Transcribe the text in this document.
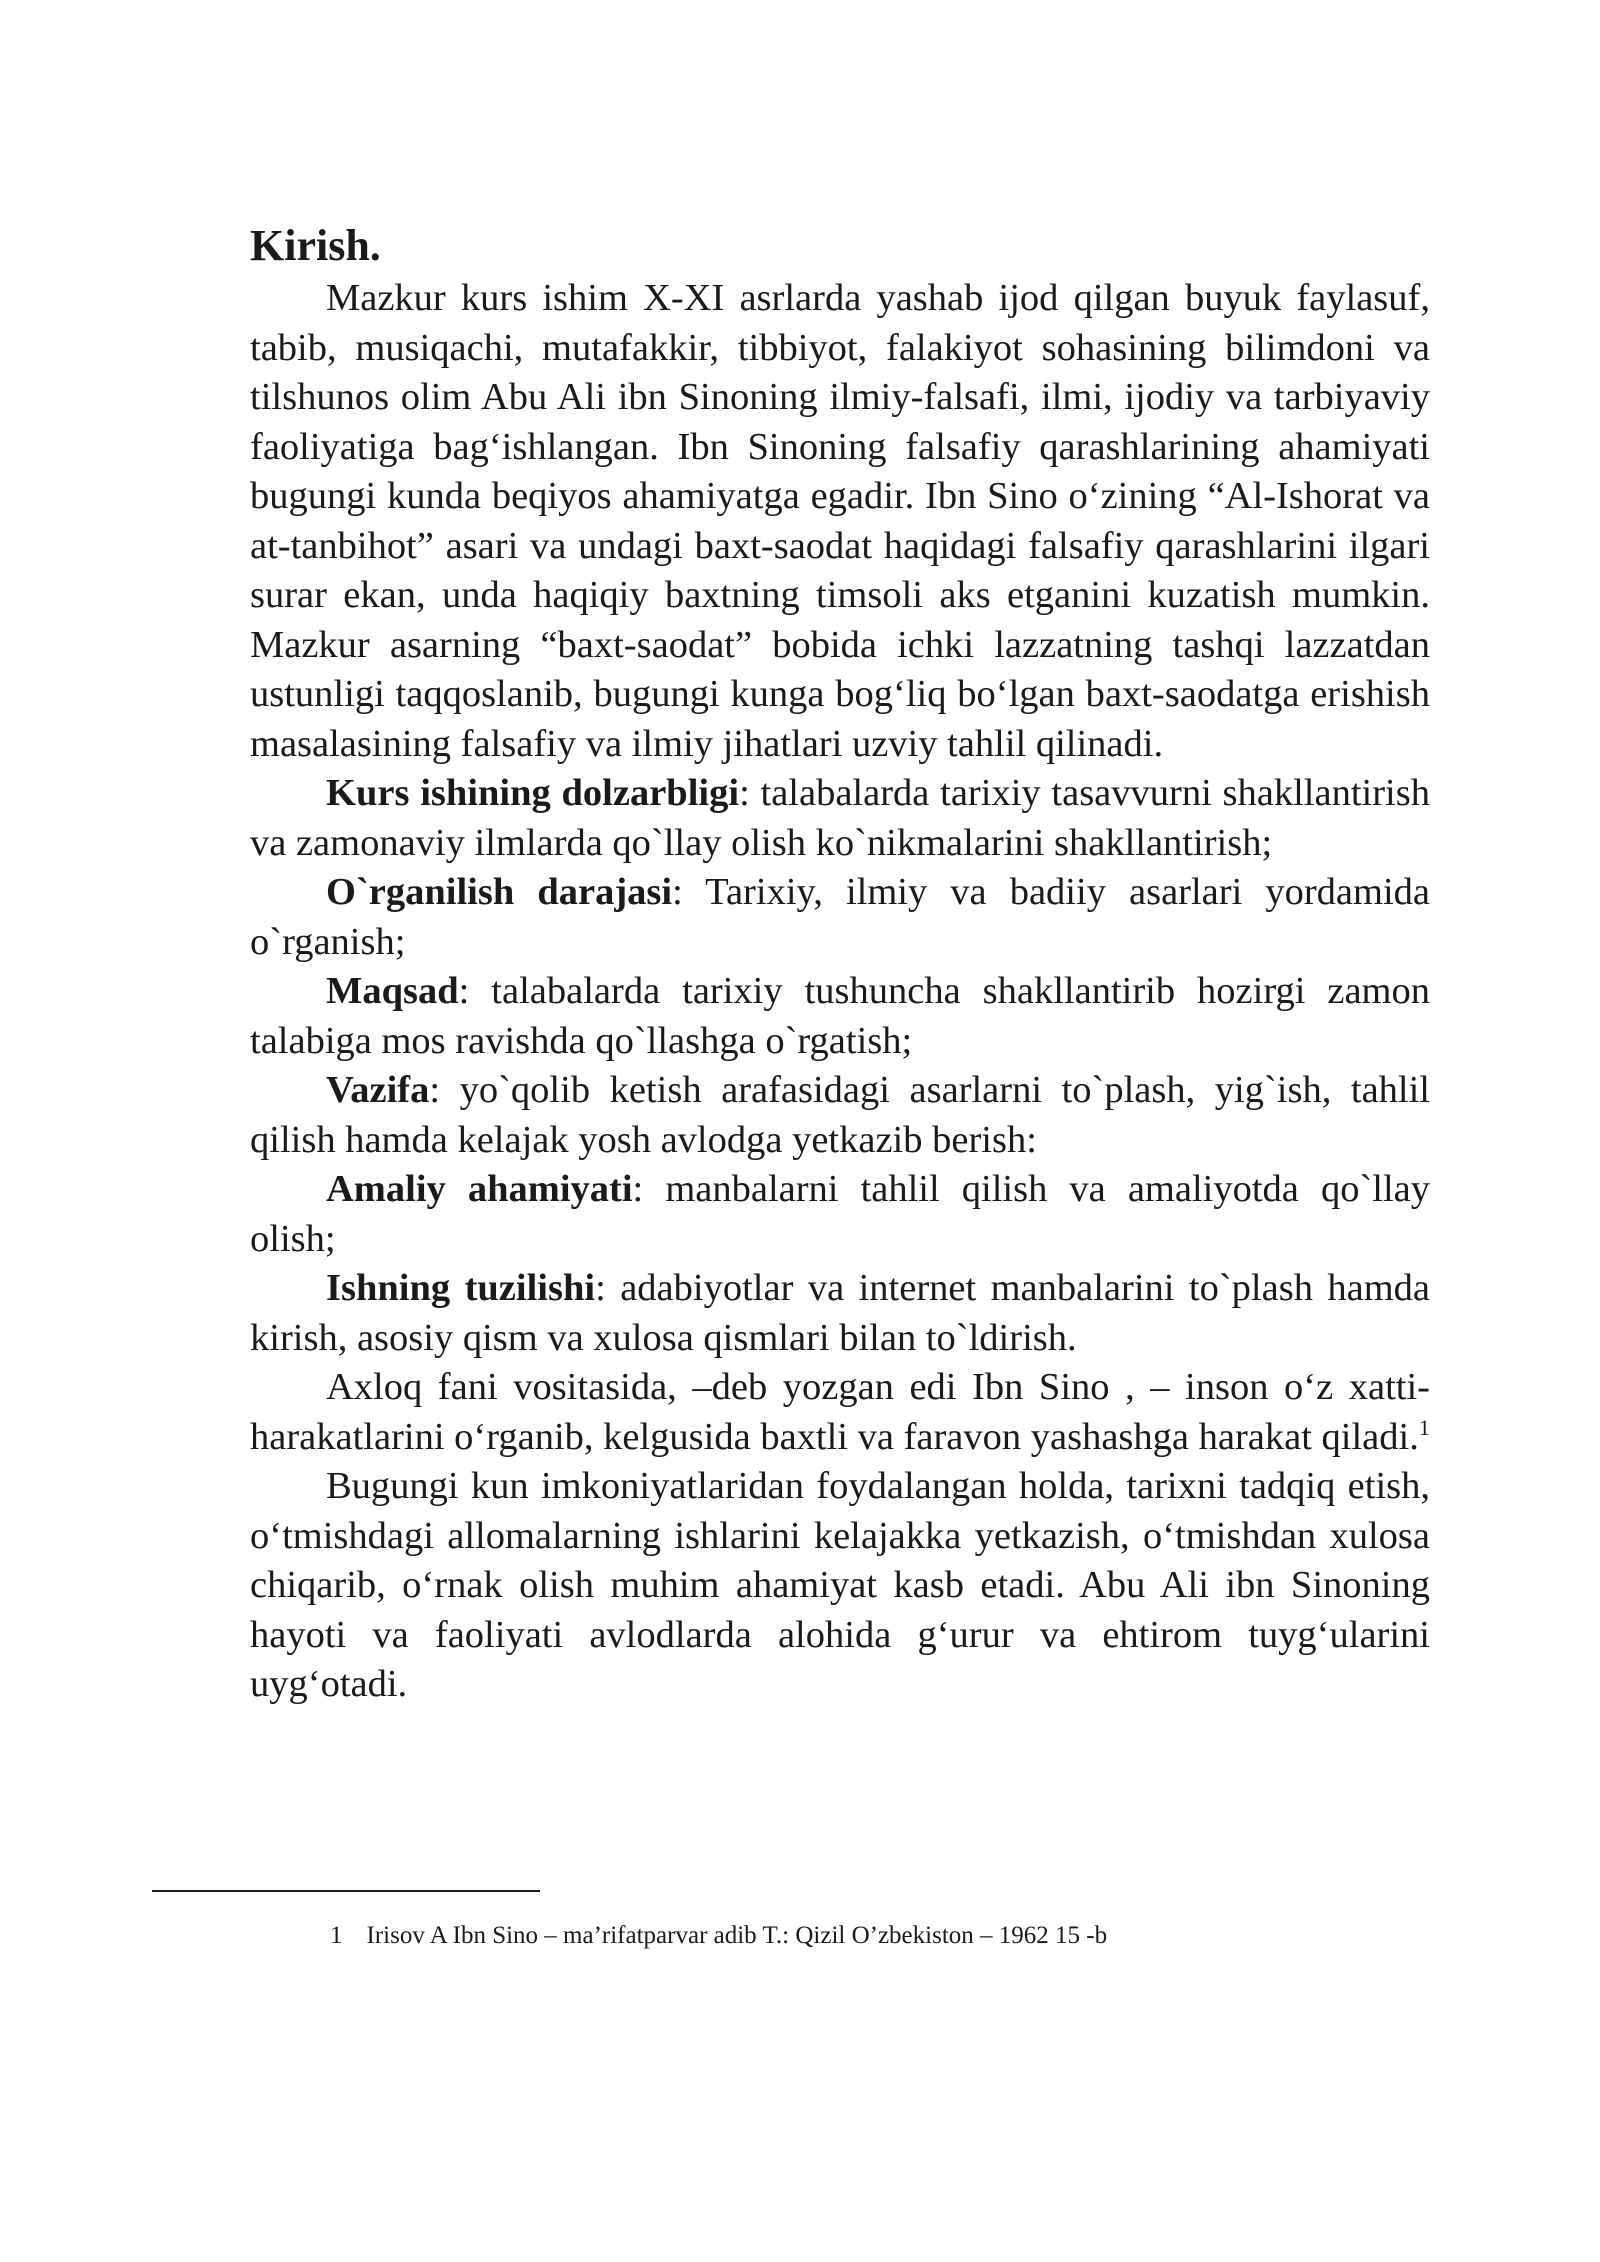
Kirish.

Mazkur kurs ishim X-XI asrlarda yashab ijod qilgan buyuk faylasuf, tabib, musiqachi, mutafakkir, tibbiyot, falakiyot sohasining bilimdoni va tilshunos olim Abu Ali ibn Sinoning ilmiy-falsafi, ilmi, ijodiy va tarbiyaviy faoliyatiga bag‘ishlangan. Ibn Sinoning falsafiy qarashlarining ahamiyati bugungi kunda beqiyos ahamiyatga egadir. Ibn Sino o‘zining “Al-Ishorat va at-tanbihot” asari va undagi baxt-saodat haqidagi falsafiy qarashlarini ilgari surar ekan, unda haqiqiy baxtning timsoli aks etganini kuzatish mumkin. Mazkur asarning “baxt-saodat” bobida ichki lazzatning tashqi lazzatdan ustunligi taqqoslanib, bugungi kunga bog‘liq bo‘lgan baxt-saodatga erishish masalasining falsafiy va ilmiy jihatlari uzviy tahlil qilinadi.

Kurs ishining dolzarbligi: talabalarda tarixiy tasavvurni shakllantirish va zamonaviy ilmlarda qo`llay olish ko`nikmalarini shakllantirish;

O`rganilish darajasi: Tarixiy, ilmiy va badiiy asarlari yordamida o`rganish;

Maqsad: talabalarda tarixiy tushuncha shakllantirib hozirgi zamon talabiga mos ravishda qo`llashga o`rgatish;

Vazifa: yo`qolib ketish arafasidagi asarlarni to`plash, yig`ish, tahlil qilish hamda kelajak yosh avlodga yetkazib berish:

Amaliy ahamiyati: manbalarni tahlil qilish va amaliyotda qo`llay olish;

Ishning tuzilishi: adabiyotlar va internet manbalarini to`plash hamda kirish, asosiy qism va xulosa qismlari bilan to`ldirish.

Axloq fani vositasida, –deb yozgan edi Ibn Sino , – inson o‘z xatti-harakatlarini o‘rganib, kelgusida baxtli va faravon yashashga harakat qiladi.$^1$

Bugungi kun imkoniyatlaridan foydalangan holda, tarixni tadqiq etish, o‘tmishdagi allomalarning ishlarini kelajakka yetkazish, o‘tmishdan xulosa chiqarib, o‘rnak olish muhim ahamiyat kasb etadi. Abu Ali ibn Sinoning hayoti va faoliyati avlodlarda alohida g‘urur va ehtirom tuyg‘ularini uyg‘otadi.

1 Irisov A Ibn Sino – ma’rifatparvar adib T.: Qizil O’zbekiston – 1962 15 -b
